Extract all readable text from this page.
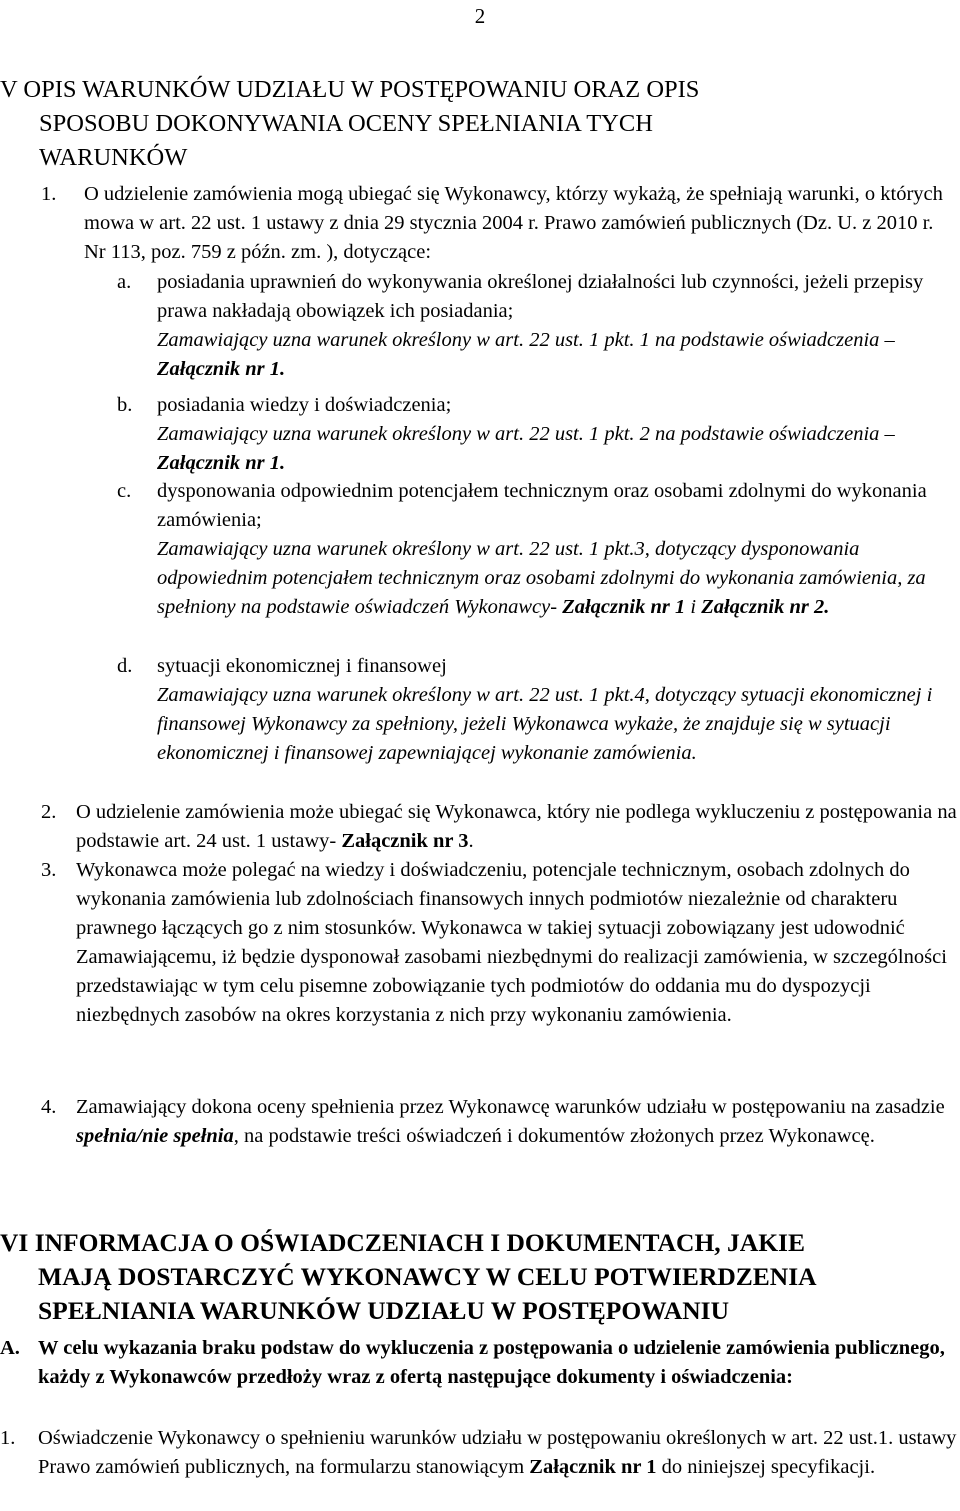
2
V OPIS WARUNKÓW UDZIAŁU W POSTĘPOWANIU ORAZ OPIS
SPOSOBU DOKONYWANIA OCENY SPEŁNIANIA TYCH
WARUNKÓW
1.	O udzielenie zamówienia mogą ubiegać się Wykonawcy, którzy wykażą, że spełniają warunki, o których mowa w art. 22 ust. 1 ustawy z dnia 29 stycznia 2004 r. Prawo zamówień publicznych (Dz. U. z 2010 r. Nr 113, poz. 759 z późn. zm. ), dotyczące:
a. posiadania uprawnień do wykonywania określonej działalności lub czynności, jeżeli przepisy prawa nakładają obowiązek ich posiadania;
Zamawiający uzna warunek określony w art. 22 ust. 1 pkt. 1 na podstawie oświadczenia – Załącznik nr 1.
b. posiadania wiedzy i doświadczenia;
Zamawiający uzna warunek określony w art. 22 ust. 1 pkt. 2 na podstawie oświadczenia – Załącznik nr 1.
c. dysponowania odpowiednim potencjałem technicznym oraz osobami zdolnymi do wykonania zamówienia;
Zamawiający uzna warunek określony w art. 22 ust. 1 pkt.3, dotyczący dysponowania odpowiednim potencjałem technicznym oraz osobami zdolnymi do wykonania zamówienia, za spełniony na podstawie oświadczeń Wykonawcy- Załącznik nr 1 i Załącznik nr 2.
d. sytuacji ekonomicznej i finansowej
Zamawiający uzna warunek określony w art. 22 ust. 1 pkt.4, dotyczący sytuacji ekonomicznej i finansowej Wykonawcy za spełniony, jeżeli Wykonawca wykaże, że znajduje się w sytuacji ekonomicznej i finansowej zapewniającej wykonanie zamówienia.
2. O udzielenie zamówienia może ubiegać się Wykonawca, który nie podlega wykluczeniu z postępowania na podstawie art. 24 ust. 1 ustawy- Załącznik nr 3.
3. Wykonawca może polegać na wiedzy i doświadczeniu, potencjale technicznym, osobach zdolnych do wykonania zamówienia lub zdolnościach finansowych innych podmiotów niezależnie od charakteru prawnego łączących go z nim stosunków. Wykonawca w takiej sytuacji zobowiązany jest udowodnić Zamawiającemu, iż będzie dysponował zasobami niezbędnymi do realizacji zamówienia, w szczególności przedstawiając w tym celu pisemne zobowiązanie tych podmiotów do oddania mu do dyspozycji niezbędnych zasobów na okres korzystania z nich przy wykonaniu zamówienia.
4. Zamawiający dokona oceny spełnienia przez Wykonawcę warunków udziału w postępowaniu na zasadzie spełnia/nie spełnia, na podstawie treści oświadczeń i dokumentów złożonych przez Wykonawcę.
VI INFORMACJA O OŚWIADCZENIACH I DOKUMENTACH, JAKIE
MAJĄ DOSTARCZYĆ WYKONAWCY W CELU POTWIERDZENIA
SPEŁNIANIA WARUNKÓW UDZIAŁU W POSTĘPOWANIU
A. W celu wykazania braku podstaw do wykluczenia z postępowania o udzielenie zamówienia publicznego, każdy z Wykonawców przedłoży wraz z ofertą następujące dokumenty i oświadczenia:
1.	Oświadczenie Wykonawcy o spełnieniu warunków udziału w postępowaniu określonych w art. 22 ust.1. ustawy Prawo zamówień publicznych, na formularzu stanowiącym Załącznik nr 1 do niniejszej specyfikacji.
